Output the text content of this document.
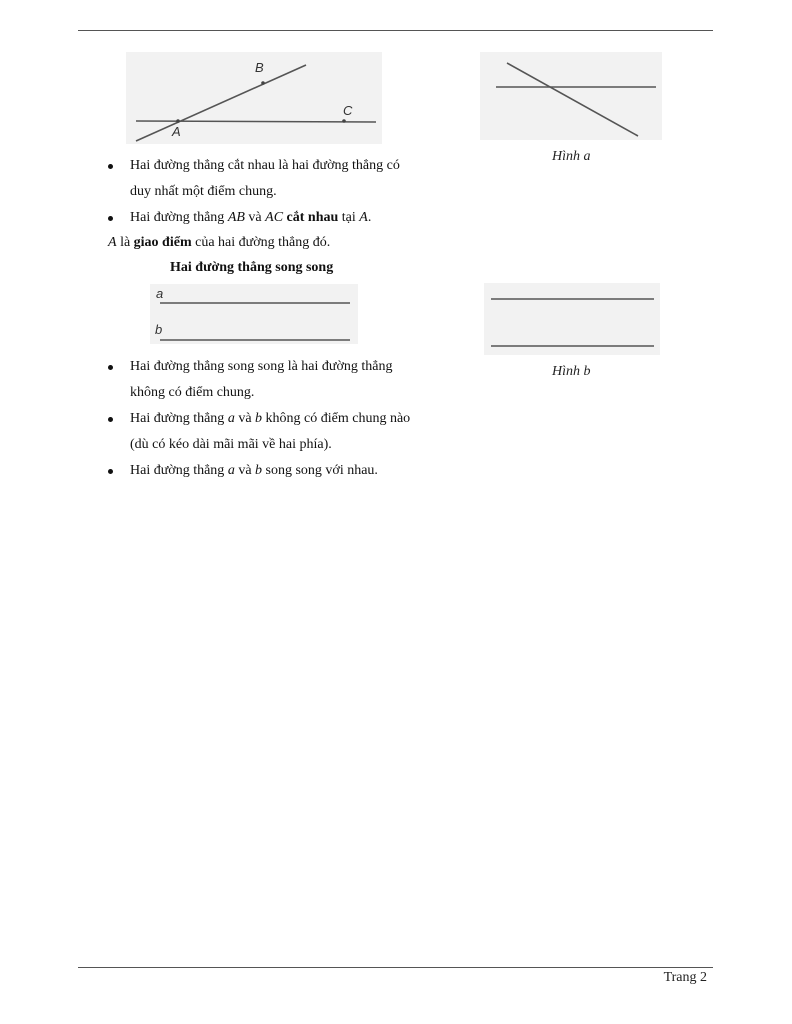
B
C
A
Hình a
Hai đường thẳng cắt nhau là hai đường thẳng có duy nhất một điểm chung.
Hai đường thẳng AB và AC cắt nhau tại A.
A là giao điểm của hai đường thẳng đó.
Hai đường thẳng song song
a
b
Hình b
Hai đường thẳng song song là hai đường thẳng không có điểm chung.
Hai đường thẳng a và b không có điểm chung nào (dù có kéo dài mãi mãi về hai phía).
Hai đường thẳng a và b song song với nhau.
Trang 2
